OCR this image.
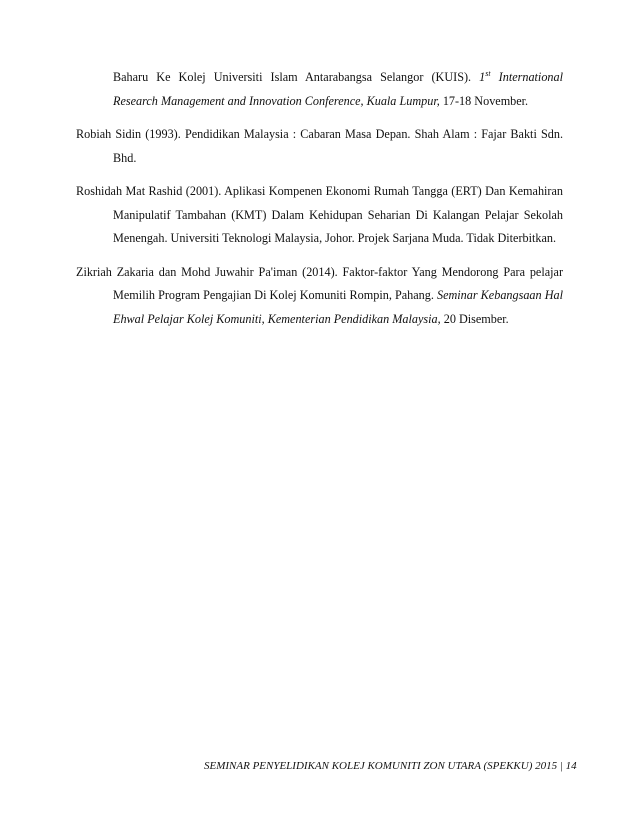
Baharu Ke Kolej Universiti Islam Antarabangsa Selangor (KUIS). 1st International Research Management and Innovation Conference, Kuala Lumpur, 17-18 November.

Robiah Sidin (1993). Pendidikan Malaysia : Cabaran Masa Depan. Shah Alam : Fajar Bakti Sdn. Bhd.

Roshidah Mat Rashid (2001). Aplikasi Kompenen Ekonomi Rumah Tangga (ERT) Dan Kemahiran Manipulatif Tambahan (KMT) Dalam Kehidupan Seharian Di Kalangan Pelajar Sekolah Menengah. Universiti Teknologi Malaysia, Johor. Projek Sarjana Muda. Tidak Diterbitkan.

Zikriah Zakaria dan Mohd Juwahir Pa'iman (2014). Faktor-faktor Yang Mendorong Para pelajar Memilih Program Pengajian Di Kolej Komuniti Rompin, Pahang. Seminar Kebangsaan Hal Ehwal Pelajar Kolej Komuniti, Kementerian Pendidikan Malaysia, 20 Disember.

SEMINAR PENYELIDIKAN KOLEJ KOMUNITI ZON UTARA (SPEKKU) 2015 | 14
